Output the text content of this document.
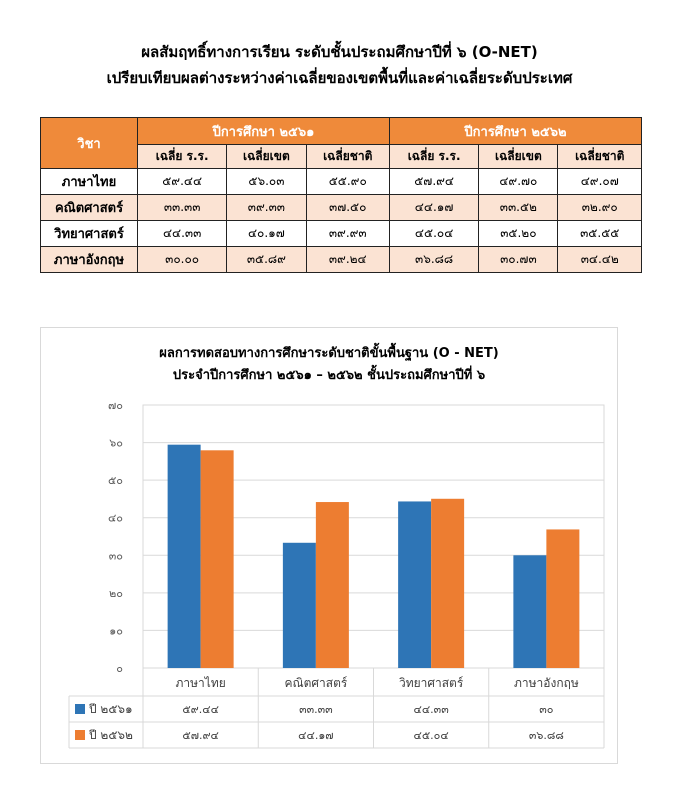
ผลสัมฤทธิ์ทางการเรียน ระดับชั้นประถมศึกษาปีที่ ๖ (O-NET)
เปรียบเทียบผลต่างระหว่างค่าเฉลี่ยของเขตพื้นที่และค่าเฉลี่ยระดับประเทศ
วิชา	ปีการศึกษา ๒๕๖๑			ปีการศึกษา ๒๕๖๒		
	เฉลี่ย ร.ร.	เฉลี่ยเขต	เฉลี่ยชาติ	เฉลี่ย ร.ร.	เฉลี่ยเขต	เฉลี่ยชาติ
ภาษาไทย	๕๙.๔๔	๕๖.๐๓	๕๕.๙๐	๕๗.๙๔	๔๙.๗๐	๔๙.๐๗
คณิตศาสตร์	๓๓.๓๓	๓๙.๓๓	๓๗.๕๐	๔๔.๑๗	๓๓.๕๒	๓๒.๙๐
วิทยาศาสตร์	๔๔.๓๓	๔๐.๑๗	๓๙.๙๓	๔๕.๐๔	๓๕.๒๐	๓๕.๕๕
ภาษาอังกฤษ	๓๐.๐๐	๓๕.๘๙	๓๙.๒๔	๓๖.๘๘	๓๐.๗๓	๓๔.๔๒
ผลการทดสอบทางการศึกษาระดับชาติขั้นพื้นฐาน (O - NET)
ประจำปีการศึกษา ๒๕๖๑ – ๒๕๖๒ ชั้นประถมศึกษาปีที่ ๖
๐
๑๐
๒๐
๓๐
๔๐
๕๐
๖๐
๗๐
ภาษาไทย	คณิตศาสตร์	วิทยาศาสตร์	ภาษาอังกฤษ
ปี ๒๕๖๑	๕๙.๔๔	๓๓.๓๓	๔๔.๓๓	๓๐
ปี ๒๕๖๒	๕๗.๙๔	๔๔.๑๗	๔๕.๐๔	๓๖.๘๘
